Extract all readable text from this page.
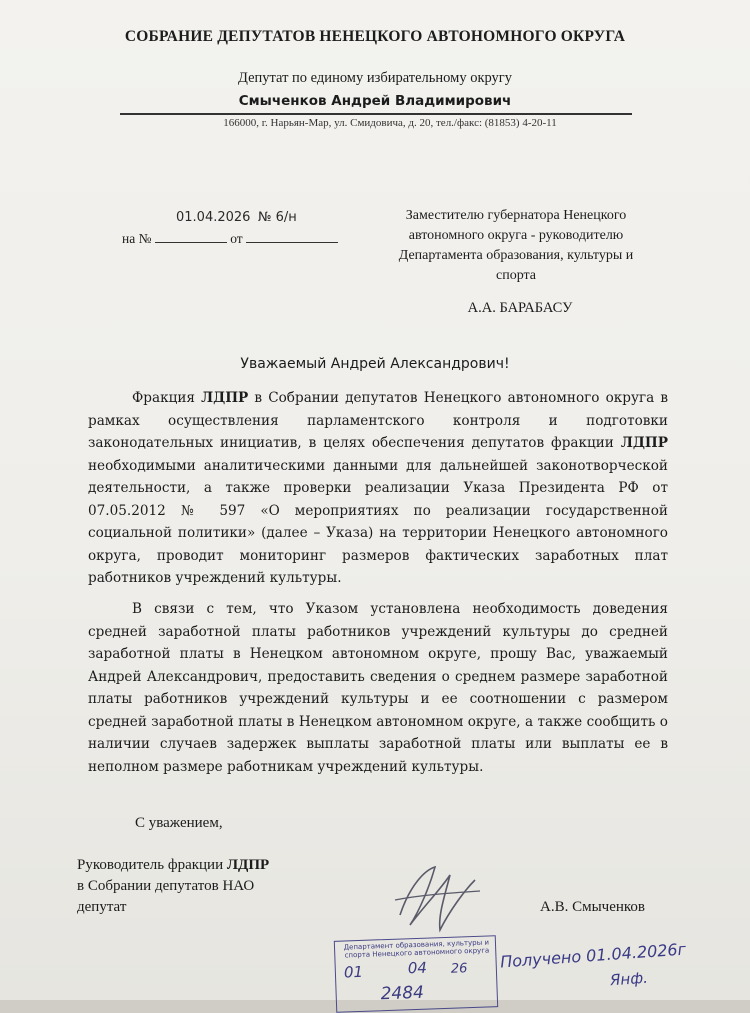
СОБРАНИЕ ДЕПУТАТОВ НЕНЕЦКОГО АВТОНОМНОГО ОКРУГА
Депутат по единому избирательному округу
Смыченков Андрей Владимирович
166000, г. Нарьян-Мар, ул. Смидовича, д. 20, тел./факс: (81853) 4-20-11
01.04.2026 № 6/н
на №	от
Заместителю губернатора Ненецкого автономного округа - руководителю Департамента образования, культуры и спорта
А.А. БАРАБАСУ
Уважаемый Андрей Александрович!
Фракция ЛДПР в Собрании депутатов Ненецкого автономного округа в рамках осуществления парламентского контроля и подготовки законодательных инициатив, в целях обеспечения депутатов фракции ЛДПР необходимыми аналитическими данными для дальнейшей законотворческой деятельности, а также проверки реализации Указа Президента РФ от 07.05.2012 № 597 «О мероприятиях по реализации государственной социальной политики» (далее – Указа) на территории Ненецкого автономного округа, проводит мониторинг размеров фактических заработных плат работников учреждений культуры.
В связи с тем, что Указом установлена необходимость доведения средней заработной платы работников учреждений культуры до средней заработной платы в Ненецком автономном округе, прошу Вас, уважаемый Андрей Александрович, предоставить сведения о среднем размере заработной платы работников учреждений культуры и ее соотношении с размером средней заработной платы в Ненецком автономном округе, а также сообщить о наличии случаев задержек выплаты заработной платы или выплаты ее в неполном размере работникам учреждений культуры.
С уважением,
Руководитель фракции ЛДПР
в Собрании депутатов НАО
депутат	А.В. Смыченков
Департамент образования, культуры и спорта Ненецкого автономного округа
01	04 26
2484
Получено 01.04.2026г
Янф.
